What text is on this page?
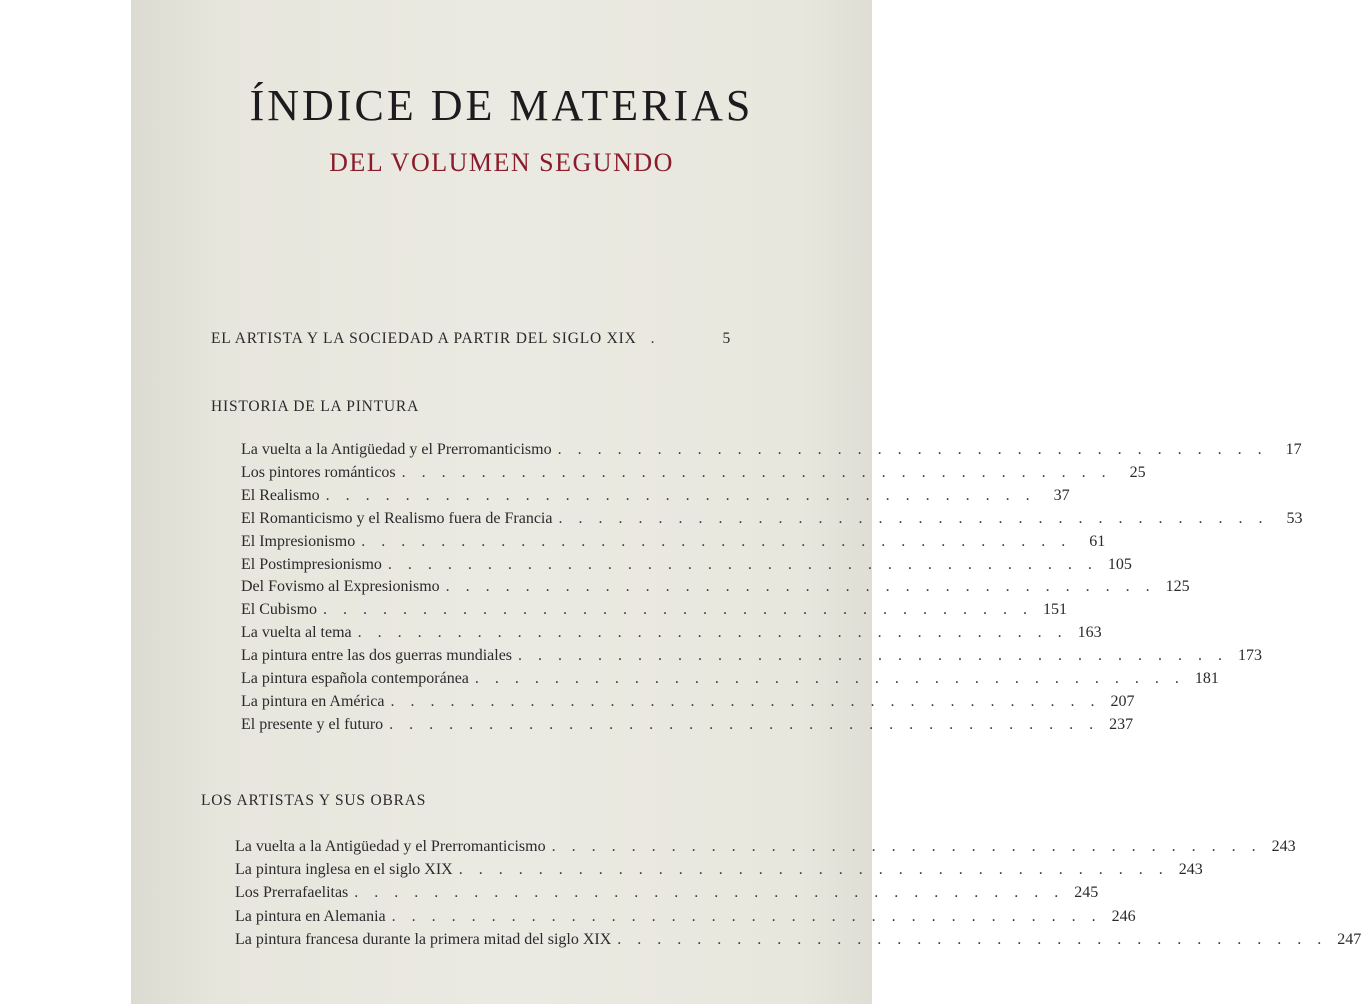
ÍNDICE DE MATERIAS
DEL VOLUMEN SEGUNDO
EL ARTISTA Y LA SOCIEDAD A PARTIR DEL SIGLO XIX .	5
HISTORIA DE LA PINTURA
La vuelta a la Antigüedad y el Prerromanticismo . . . . . . . . . . . . . . . . . . . . . . . . . . . . . . . . . . . .	17
Los pintores románticos . . . . . . . . . . . . . . . . . . . . . . . . . . . . . . . . . . . .	25
El Realismo . . . . . . . . . . . . . . . . . . . . . . . . . . . . . . . . . . . .	37
El Romanticismo y el Realismo fuera de Francia . . . . . . . . . . . . . . . . . . . . . . . . . . . . . . . . . . . .	53
El Impresionismo . . . . . . . . . . . . . . . . . . . . . . . . . . . . . . . . . . . .	61
El Postimpresionismo . . . . . . . . . . . . . . . . . . . . . . . . . . . . . . . . . . . . 105
Del Fovismo al Expresionismo . . . . . . . . . . . . . . . . . . . . . . . . . . . . . . . . . . . . 125
El Cubismo . . . . . . . . . . . . . . . . . . . . . . . . . . . . . . . . . . . . 151
La vuelta al tema . . . . . . . . . . . . . . . . . . . . . . . . . . . . . . . . . . . . 163
La pintura entre las dos guerras mundiales . . . . . . . . . . . . . . . . . . . . . . . . . . . . . . . . . . . . 173
La pintura española contemporánea . . . . . . . . . . . . . . . . . . . . . . . . . . . . . . . . . . . . 181
La pintura en América . . . . . . . . . . . . . . . . . . . . . . . . . . . . . . . . . . . . 207
El presente y el futuro . . . . . . . . . . . . . . . . . . . . . . . . . . . . . . . . . . . . 237
LOS ARTISTAS Y SUS OBRAS
La vuelta a la Antigüedad y el Prerromanticismo . . . . . . . . . . . . . . . . . . . . . . . . . . . . . . . . . . . . 243
La pintura inglesa en el siglo XIX . . . . . . . . . . . . . . . . . . . . . . . . . . . . . . . . . . . . 243
Los Prerrafaelitas . . . . . . . . . . . . . . . . . . . . . . . . . . . . . . . . . . . . 245
La pintura en Alemania . . . . . . . . . . . . . . . . . . . . . . . . . . . . . . . . . . . . 246
La pintura francesa durante la primera mitad del siglo XIX . . . . . . . . . . . . . . . . . . . . . . . . . . . . . . . . . . . . 247
